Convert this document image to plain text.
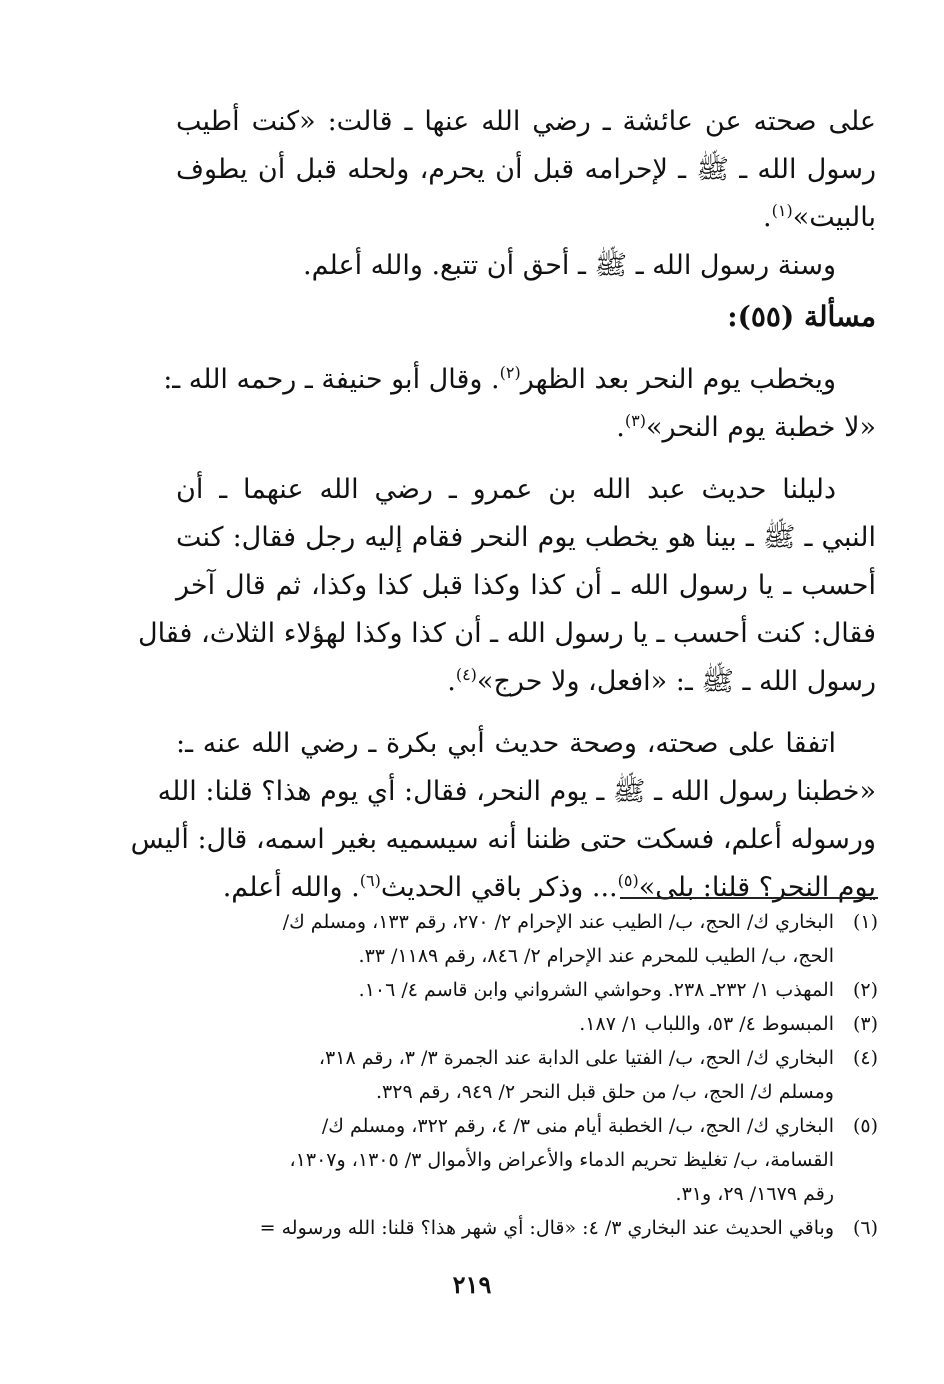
على صحته عن عائشة ـ رضي الله عنها ـ قالت: «كنت أطيب
رسول الله ـ ﷺ ـ لإحرامه قبل أن يحرم، ولحله قبل أن يطوف
بالبيت»$^{(١)}$.
وسنة رسول الله ـ ﷺ ـ أحق أن تتبع. والله أعلم.
مسألة (٥٥):
ويخطب يوم النحر بعد الظهر$^{(٢)}$. وقال أبو حنيفة ـ رحمه الله ـ:
«لا خطبة يوم النحر»$^{(٣)}$.
دليلنا حديث عبد الله بن عمرو ـ رضي الله عنهما ـ أن
النبي ـ ﷺ ـ بينا هو يخطب يوم النحر فقام إليه رجل فقال: كنت
أحسب ـ يا رسول الله ـ أن كذا وكذا قبل كذا وكذا، ثم قال آخر
فقال: كنت أحسب ـ يا رسول الله ـ أن كذا وكذا لهؤلاء الثلاث، فقال
رسول الله ـ ﷺ ـ: «افعل، ولا حرج»$^{(٤)}$.
اتفقا على صحته، وصحة حديث أبي بكرة ـ رضي الله عنه ـ:
«خطبنا رسول الله ـ ﷺ ـ يوم النحر، فقال: أي يوم هذا؟ قلنا: الله
ورسوله أعلم، فسكت حتى ظننا أنه سيسميه بغير اسمه، قال: أليس
يوم النحر؟ قلنا: بلى»$^{(٥)}$... وذكر باقي الحديث$^{(٦)}$. والله أعلم.
(١)
البخاري ك/ الحج، ب/ الطيب عند الإحرام ٢/ ٢٧٠، رقم ١٣٣، ومسلم ك/
الحج، ب/ الطيب للمحرم عند الإحرام ٢/ ٨٤٦، رقم ١١٨٩/ ٣٣.
(٢)
المهذب ١/ ٢٣٢ـ ٢٣٨. وحواشي الشرواني وابن قاسم ٤/ ١٠٦.
(٣)
المبسوط ٤/ ٥٣، واللباب ١/ ١٨٧.
(٤)
البخاري ك/ الحج، ب/ الفتيا على الدابة عند الجمرة ٣/ ٣، رقم ٣١٨،
ومسلم ك/ الحج، ب/ من حلق قبل النحر ٢/ ٩٤٩، رقم ٣٢٩.
(٥)
البخاري ك/ الحج، ب/ الخطبة أيام منى ٣/ ٤، رقم ٣٢٢، ومسلم ك/
القسامة، ب/ تغليظ تحريم الدماء والأعراض والأموال ٣/ ١٣٠٥، و١٣٠٧،
رقم ١٦٧٩/ ٢٩، و٣١.
(٦)
وباقي الحديث عند البخاري ٣/ ٤: «قال: أي شهر هذا؟ قلنا: الله ورسوله =
٢١٩
